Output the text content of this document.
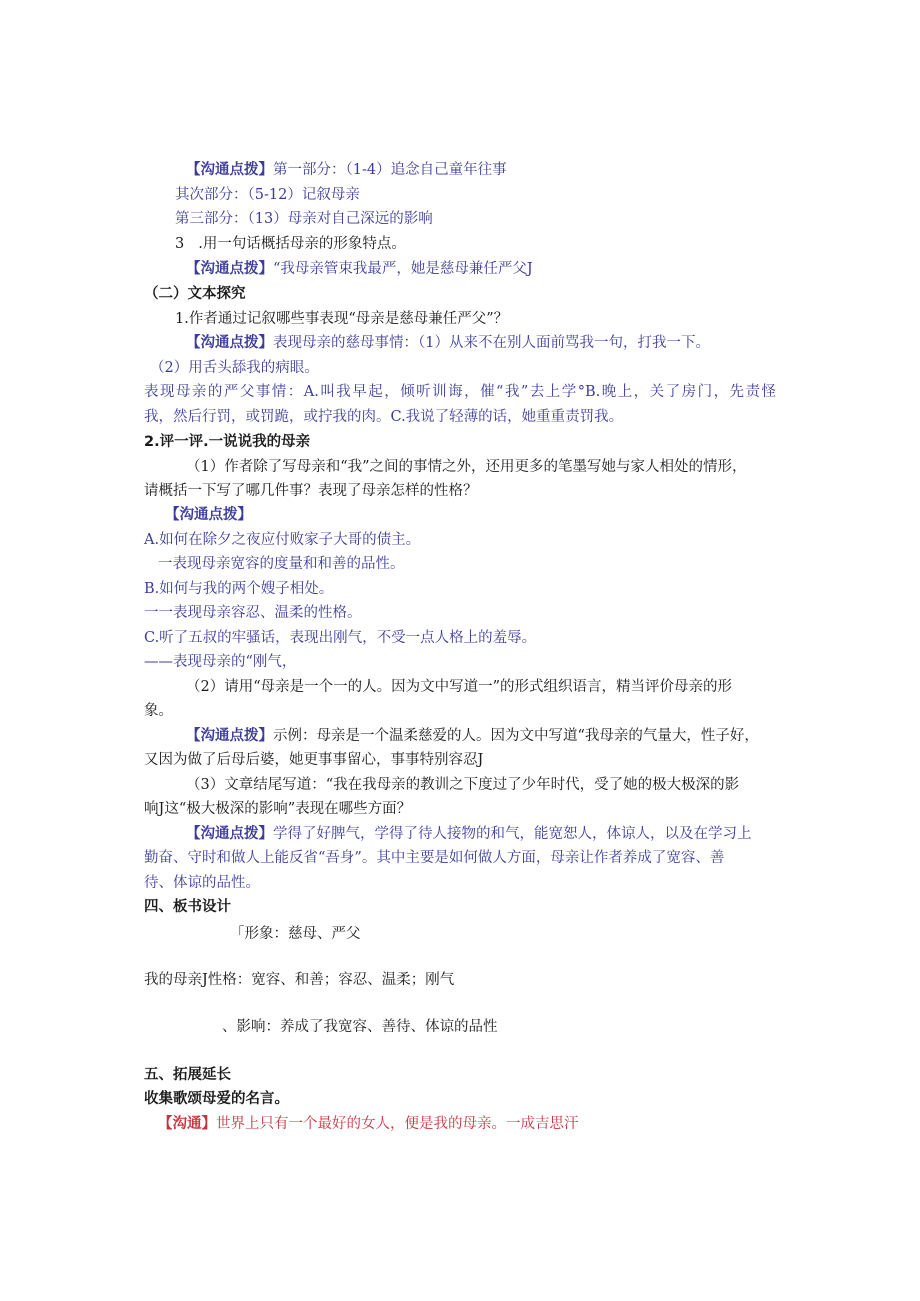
【沟通点拨】第一部分：（1-4）追念自己童年往事
其次部分：（5-12）记叙母亲
第三部分：（13）母亲对自己深远的影响
3 .用一句话概括母亲的形象特点。
【沟通点拨】“我母亲管束我最严，她是慈母兼任严父J
（二）文本探究
1.作者通过记叙哪些事表现“母亲是慈母兼任严父”？
【沟通点拨】表现母亲的慈母事情：（1）从来不在别人面前骂我一句，打我一下。
（2）用舌头舔我的病眼。
表现母亲的严父事情：A.叫我早起，倾听训诲，催“我”去上学°B.晚上，关了房门，先责怪
我，然后行罚，或罚跪，或拧我的肉。C.我说了轻薄的话，她重重责罚我。
2.评一评.一说说我的母亲
（1）作者除了写母亲和“我”之间的事情之外，还用更多的笔墨写她与家人相处的情形，
请概括一下写了哪几件事？表现了母亲怎样的性格？
【沟通点拨】
A.如何在除夕之夜应付败家子大哥的债主。
一表现母亲宽容的度量和和善的品性。
B.如何与我的两个嫂子相处。
一一表现母亲容忍、温柔的性格。
C.听了五叔的牢骚话，表现出刚气，不受一点人格上的羞辱。
——表现母亲的“刚气，
（2）请用“母亲是一个一的人。因为文中写道一”的形式组织语言，精当评价母亲的形
象。
【沟通点拨】示例：母亲是一个温柔慈爱的人。因为文中写道“我母亲的气量大，性子好，
又因为做了后母后婆，她更事事留心，事事特别容忍J
（3）文章结尾写道：“我在我母亲的教训之下度过了少年时代，受了她的极大极深的影
响J这“极大极深的影响”表现在哪些方面？
【沟通点拨】学得了好脾气，学得了待人接物的和气，能宽恕人，体谅人，以及在学习上
勤奋、守时和做人上能反省“吾身”。其中主要是如何做人方面，母亲让作者养成了宽容、善
待、体谅的品性。
四、板书设计
「形象：慈母、严父
我的母亲J性格：宽容、和善；容忍、温柔；刚气
、影响：养成了我宽容、善待、体谅的品性
五、拓展延长
收集歌颂母爱的名言。
【沟通】世界上只有一个最好的女人，便是我的母亲。一成吉思汗
